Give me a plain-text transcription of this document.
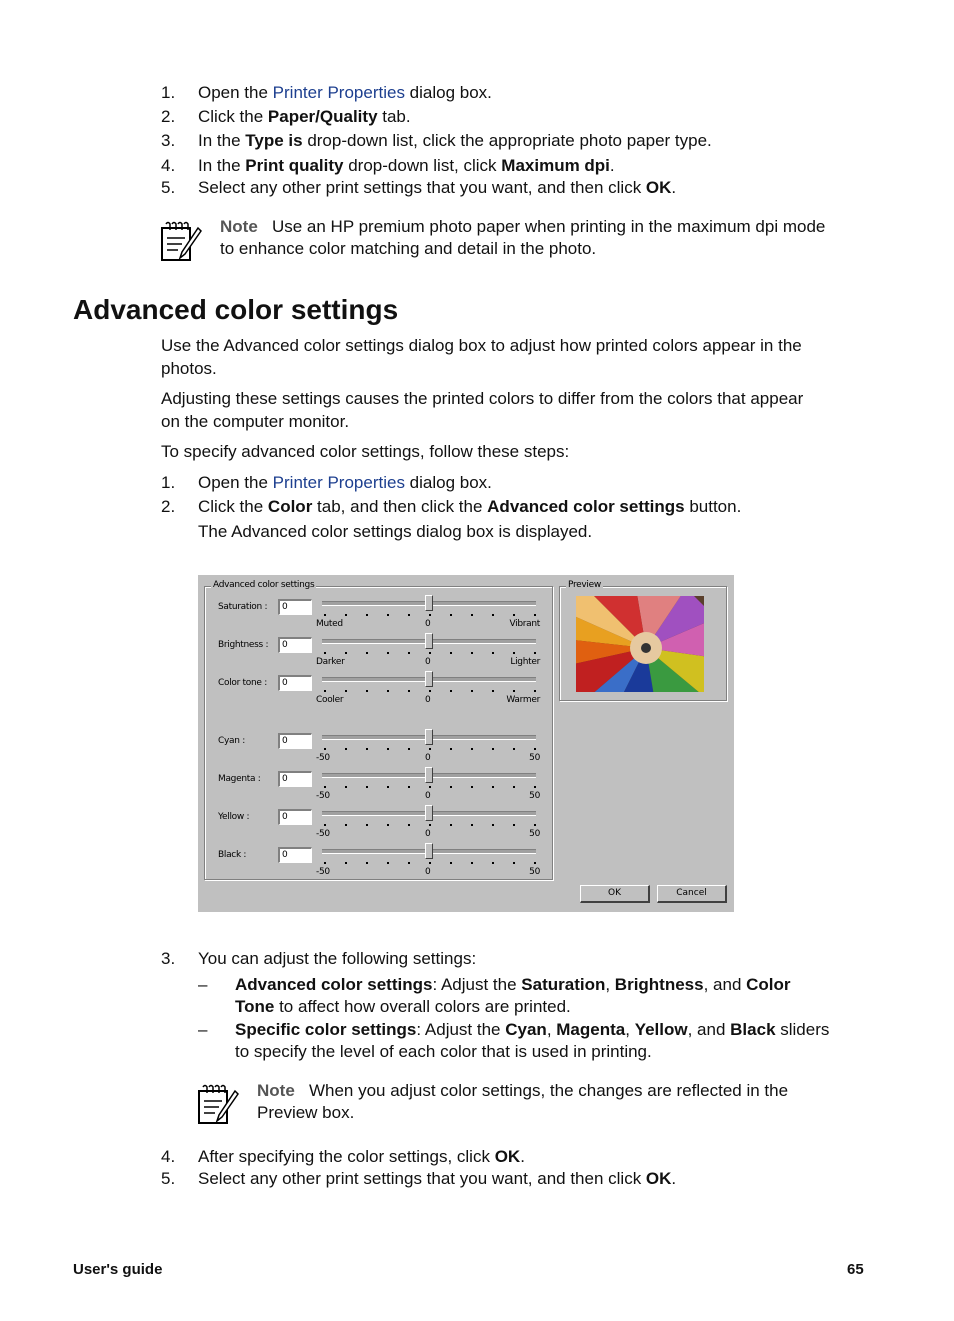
1.	Open the Printer Properties dialog box.
2.	Click the Paper/Quality tab.
3.	In the Type is drop-down list, click the appropriate photo paper type.
4.	In the Print quality drop-down list, click Maximum dpi.
5.	Select any other print settings that you want, and then click OK.
Note Use an HP premium photo paper when printing in the maximum dpi mode
to enhance color matching and detail in the photo.
Advanced color settings
Use the Advanced color settings dialog box to adjust how printed colors appear in the
photos.
Adjusting these settings causes the printed colors to differ from the colors that appear
on the computer monitor.
To specify advanced color settings, follow these steps:
1.	Open the Printer Properties dialog box.
2.	Click the Color tab, and then click the Advanced color settings button.
The Advanced color settings dialog box is displayed.
Advanced color settings	Preview
Saturation :	0
Muted	0	Vibrant
Brightness :	0
Darker	0	Lighter
Color tone :	0
Cooler	0	Warmer
Cyan :	0
-50	0	50
Magenta :	0
-50	0	50
Yellow :	0
-50	0	50
Black :	0
-50	0	50
OK	Cancel
3.	You can adjust the following settings:
– Advanced color settings: Adjust the Saturation, Brightness, and Color
Tone to affect how overall colors are printed.
– Specific color settings: Adjust the Cyan, Magenta, Yellow, and Black sliders
to specify the level of each color that is used in printing.
Note When you adjust color settings, the changes are reflected in the
Preview box.
4.	After specifying the color settings, click OK.
5.	Select any other print settings that you want, and then click OK.
User's guide	65
